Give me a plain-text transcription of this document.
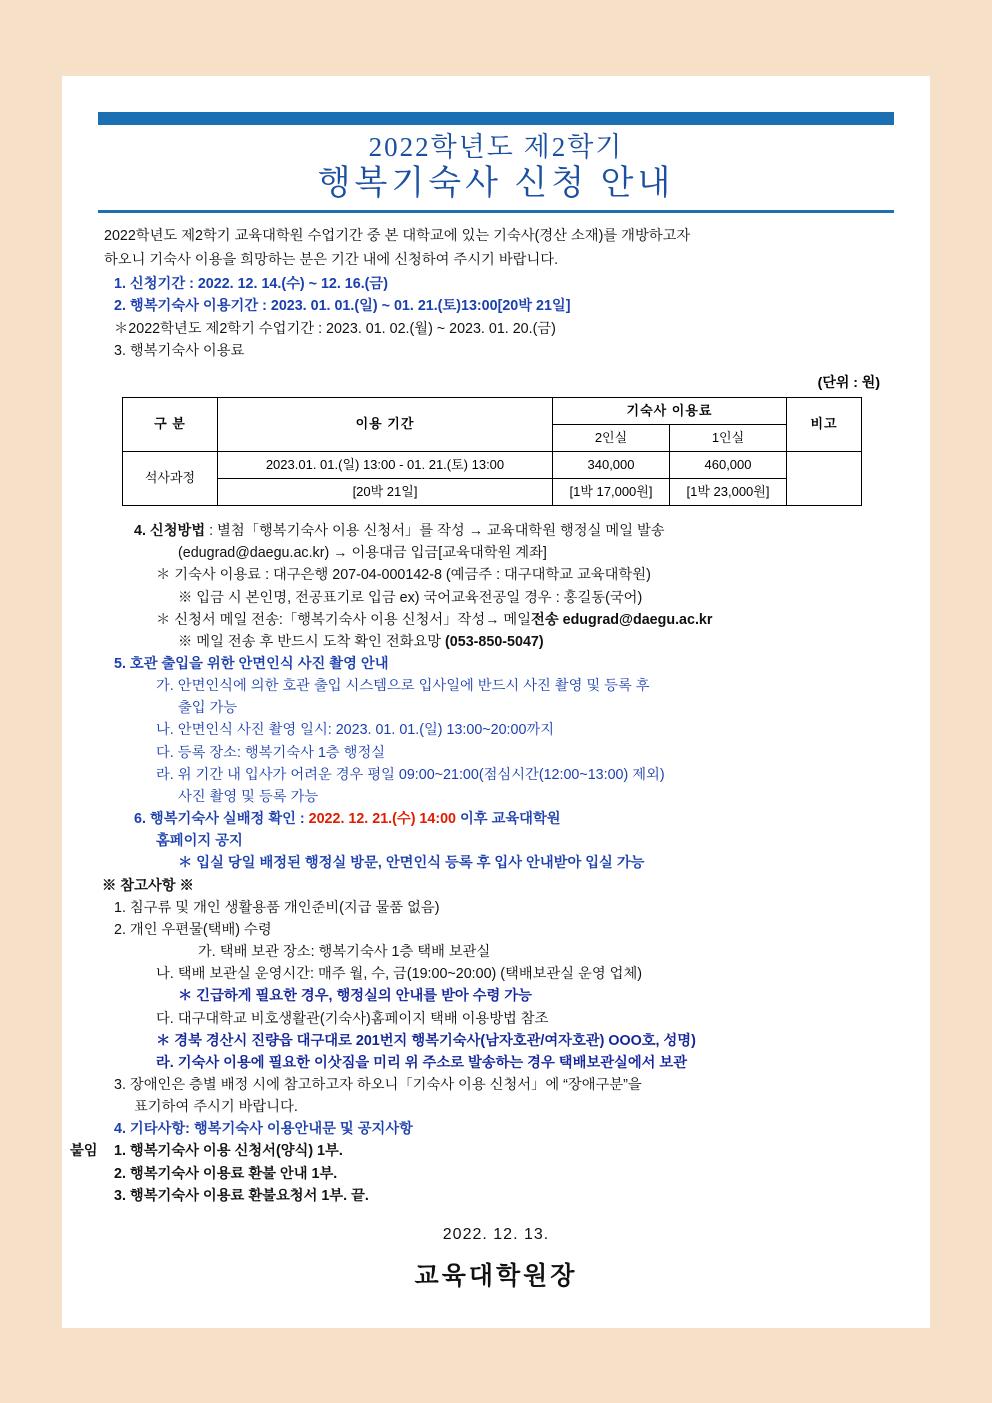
2022학년도 제2학기
행복기숙사 신청 안내
2022학년도 제2학기 교육대학원 수업기간 중 본 대학교에 있는 기숙사(경산 소재)를 개방하고자
하오니 기숙사 이용을 희망하는 분은 기간 내에 신청하여 주시기 바랍니다.
1. 신청기간 : 2022. 12. 14.(수) ~ 12. 16.(금)
2. 행복기숙사 이용기간 : 2023. 01. 01.(일) ~ 01. 21.(토)13:00[20박 21일]
＊2022학년도 제2학기 수업기간 : 2023. 01. 02.(월) ~ 2023. 01. 20.(금)
3. 행복기숙사 이용료
(단위 : 원)
구 분	이용 기간	기숙사 이용료		비고
		2인실	1인실	
석사과정	2023.01. 01.(일) 13:00 - 01. 21.(토) 13:00	340,000	460,000	
	[20박 21일]	[1박 17,000원]	[1박 23,000원]	
4. 신청방법 : 별첨「행복기숙사 이용 신청서」를 작성 → 교육대학원 행정실 메일 발송
(edugrad@daegu.ac.kr) → 이용대금 입금[교육대학원 계좌]
＊ 기숙사 이용료 : 대구은행 207-04-000142-8 (예금주 : 대구대학교 교육대학원)
※ 입금 시 본인명, 전공표기로 입금 ex) 국어교육전공일 경우 : 홍길동(국어)
＊ 신청서 메일 전송:「행복기숙사 이용 신청서」작성→ 메일전송 edugrad@daegu.ac.kr
※ 메일 전송 후 반드시 도착 확인 전화요망 (053-850-5047)
5. 호관 출입을 위한 안면인식 사진 촬영 안내
가. 안면인식에 의한 호관 출입 시스템으로 입사일에 반드시 사진 촬영 및 등록 후
출입 가능
나. 안면인식 사진 촬영 일시: 2023. 01. 01.(일) 13:00~20:00까지
다. 등록 장소: 행복기숙사 1층 행정실
라. 위 기간 내 입사가 어려운 경우 평일 09:00~21:00(점심시간(12:00~13:00) 제외)
사진 촬영 및 등록 가능
6. 행복기숙사 실배정 확인 : 2022. 12. 21.(수) 14:00 이후 교육대학원
홈페이지 공지
＊ 입실 당일 배정된 행정실 방문, 안면인식 등록 후 입사 안내받아 입실 가능
※ 참고사항 ※
1. 침구류 및 개인 생활용품 개인준비(지급 물품 없음)
2. 개인 우편물(택배) 수령
가. 택배 보관 장소: 행복기숙사 1층 택배 보관실
나. 택배 보관실 운영시간: 매주 월, 수, 금(19:00~20:00) (택배보관실 운영 업체)
＊ 긴급하게 필요한 경우, 행정실의 안내를 받아 수령 가능
다. 대구대학교 비호생활관(기숙사)홈페이지 택배 이용방법 참조
＊ 경북 경산시 진량읍 대구대로 201번지 행복기숙사(남자호관/여자호관) OOO호, 성명)
라. 기숙사 이용에 필요한 이삿짐을 미리 위 주소로 발송하는 경우 택배보관실에서 보관
3. 장애인은 층별 배정 시에 참고하고자 하오니「기숙사 이용 신청서」에 “장애구분”을
표기하여 주시기 바랍니다.
4. 기타사항: 행복기숙사 이용안내문 및 공지사항
붙임 1. 행복기숙사 이용 신청서(양식) 1부.
2. 행복기숙사 이용료 환불 안내 1부.
3. 행복기숙사 이용료 환불요청서 1부. 끝.
2022. 12. 13.
교육대학원장
